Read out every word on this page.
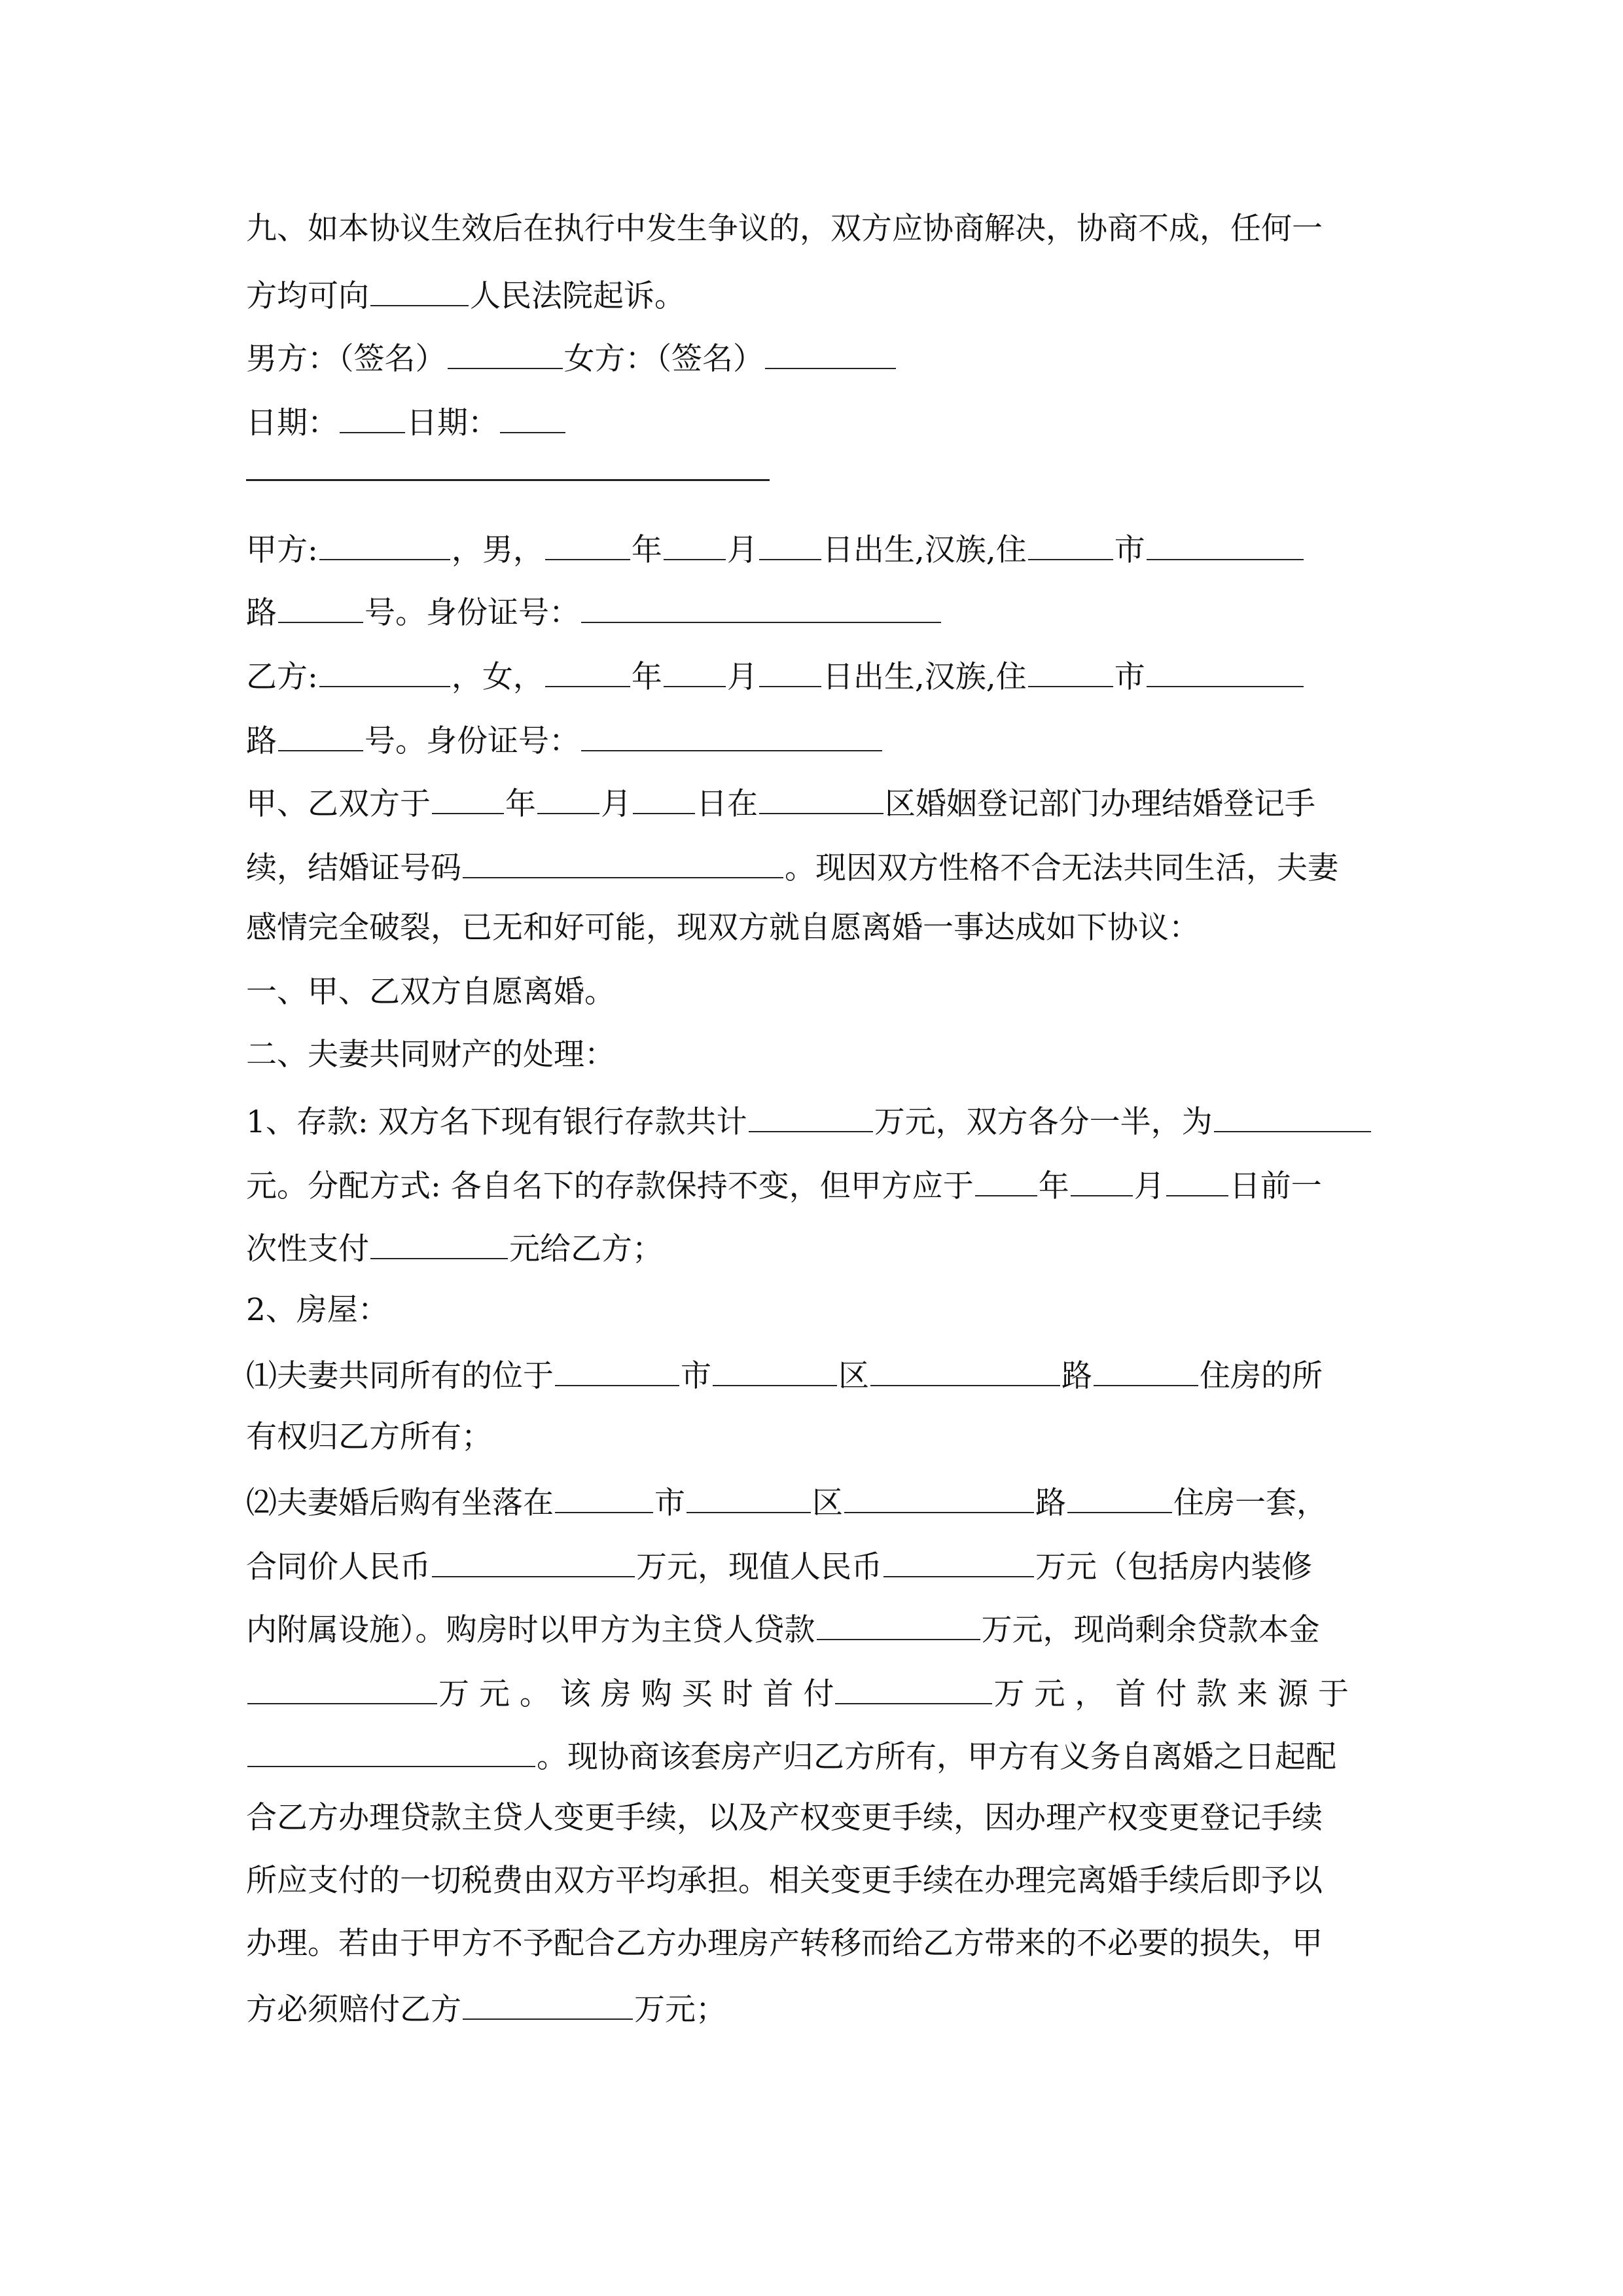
九、如本协议生效后在执行中发生争议的，双方应协商解决，协商不成，任何一
方均可向	人民法院起诉。
男方：（签名）	女方：（签名）
日期： 日期：
甲方:	，男，	年 月 日出生,汉族,住	市
路	号。身份证号：
乙方:	，女，	年 月 日出生,汉族,住	市
路	号。身份证号：
甲、乙双方于 年 月 日在	区婚姻登记部门办理结婚登记手
续，结婚证号码	。现因双方性格不合无法共同生活，夫妻
感情完全破裂，已无和好可能，现双方就自愿离婚一事达成如下协议：
一、甲、乙双方自愿离婚。
二、夫妻共同财产的处理：
1、存款: 双方名下现有银行存款共计	万元，双方各分一半，为
元。分配方式: 各自名下的存款保持不变，但甲方应于 年 月 日前一
次性支付	元给乙方；
2、房屋：
⑴夫妻共同所有的位于	市	区	路	住房的所
有权归乙方所有；
⑵夫妻婚后购有坐落在	市	区	路	住房一套，
合同价人民币	万元，现值人民币	万元（包括房内装修
内附属设施）。购房时以甲方为主贷人贷款	万元，现尚剩余贷款本金
万 元 。 该 房 购 买 时 首 付	万 元 ， 首 付 款 来 源 于
。现协商该套房产归乙方所有，甲方有义务自离婚之日起配
合乙方办理贷款主贷人变更手续，以及产权变更手续，因办理产权变更登记手续
所应支付的一切税费由双方平均承担。相关变更手续在办理完离婚手续后即予以
办理。若由于甲方不予配合乙方办理房产转移而给乙方带来的不必要的损失，甲
方必须赔付乙方	万元；
